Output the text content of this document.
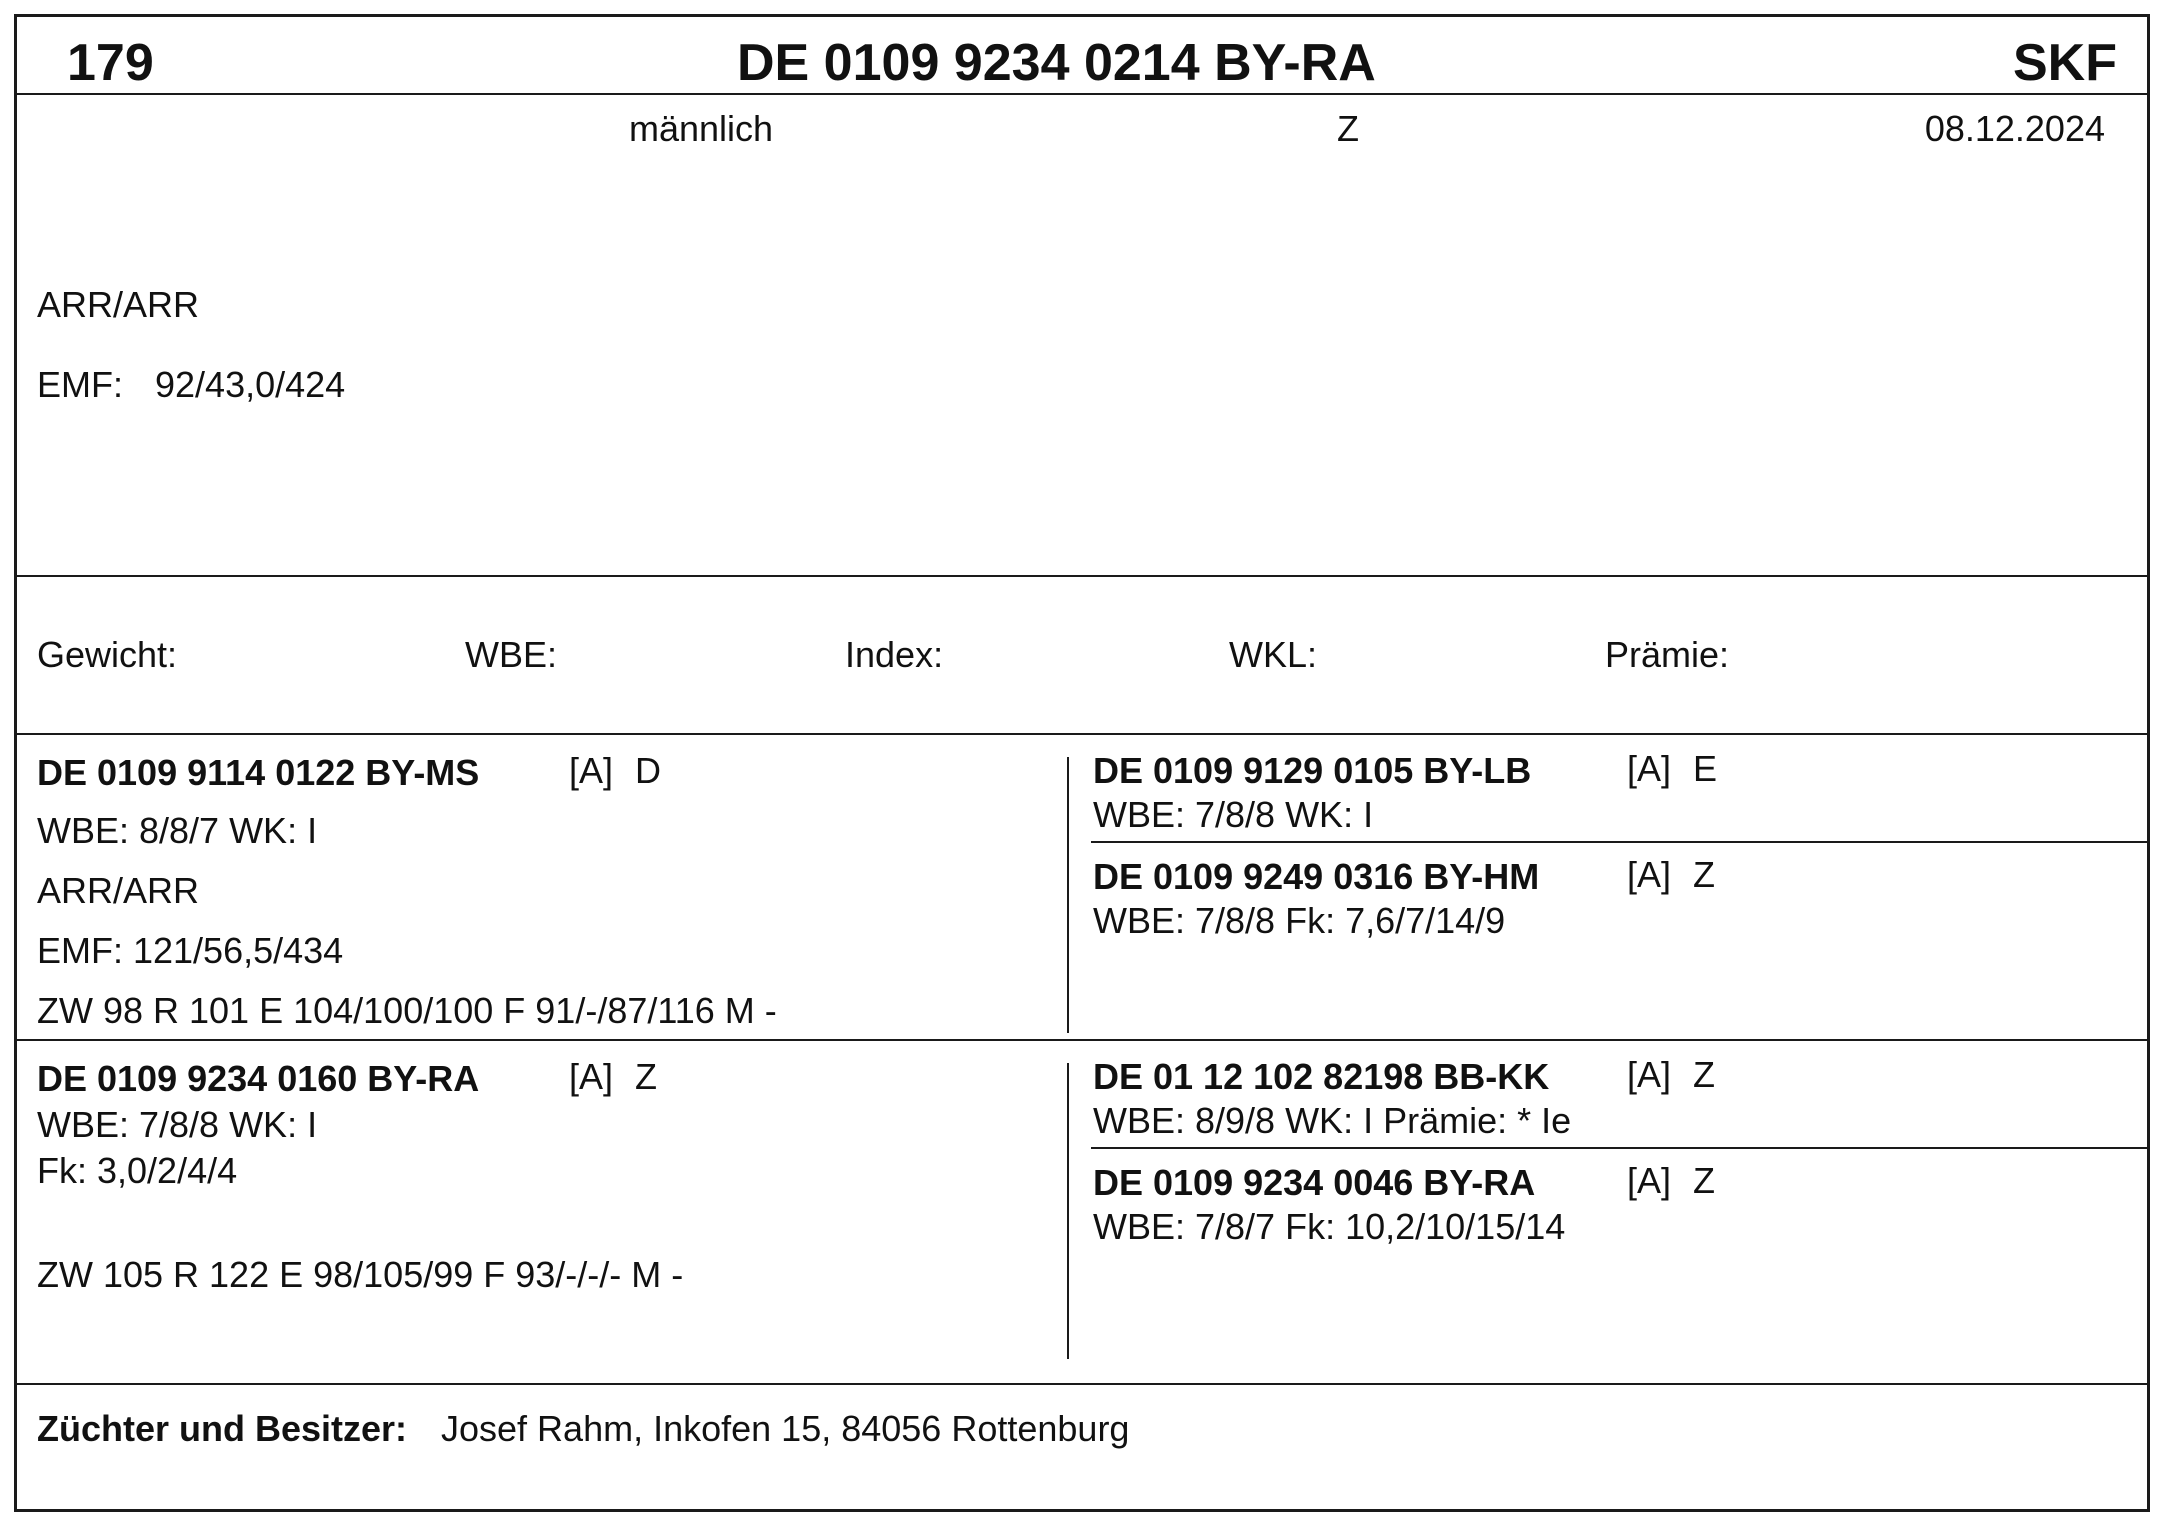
179	DE 0109 9234 0214 BY-RA	SKF
männlich	Z	08.12.2024
ARR/ARR
EMF: 92/43,0/424
Gewicht:	WBE:	Index:	WKL:	Prämie:
DE 0109 9114 0122 BY-MS [A] D
WBE: 8/8/7 WK: I
ARR/ARR
EMF: 121/56,5/434
ZW 98 R 101 E 104/100/100 F 91/-/87/116 M -
DE 0109 9129 0105 BY-LB	[A] E
WBE: 7/8/8 WK: I
DE 0109 9249 0316 BY-HM [A] Z
WBE: 7/8/8 Fk: 7,6/7/14/9
DE 0109 9234 0160 BY-RA [A] Z
WBE: 7/8/8 WK: I
Fk: 3,0/2/4/4
ZW 105 R 122 E 98/105/99 F 93/-/-/- M -
DE 01 12 102 82198 BB-KK [A] Z
WBE: 8/9/8 WK: I Prämie: * Ie
DE 0109 9234 0046 BY-RA	[A] Z
WBE: 7/8/7 Fk: 10,2/10/15/14
Züchter und Besitzer: Josef Rahm, Inkofen 15, 84056 Rottenburg
